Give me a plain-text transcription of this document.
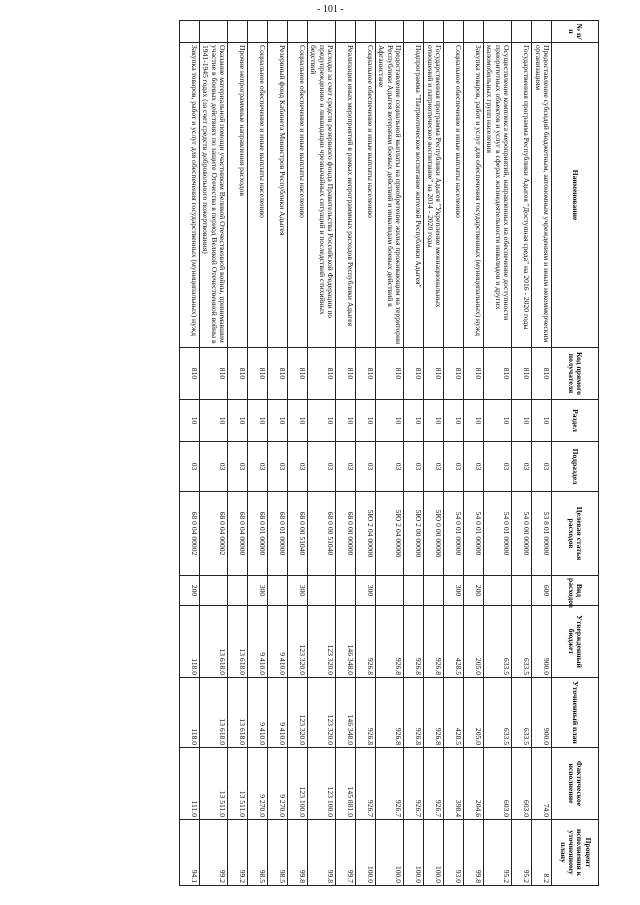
- 101 -
№ п/п	Наименование	Код прямого получателя	Раздел	Подраздел	Целевая статья расходов	Вид расходов	Утвержденный бюджет	Уточненный план	Фактическое исполнение	Процент исполнения к уточненному плану
	Предоставление субсидий бюджетным, автономным учреждениям и иным некоммерческим организациям	810	10	03	53 8 01 00000	600	900.0	900.0	74.0	8.2
	Государственная программа Республики Адыгея "Доступная среда" на 2016 - 2020 годы	810	10	03	54 0 00 00000		633.5	633.5	603.0	95.2
	Осуществление комплекса мероприятий, направленных на обеспечение доступности приоритетных объектов и услуг в сферах жизнедеятельности инвалидов и других маломобильных групп населения	810	10	03	54 0 01 00000		633.5	633.5	603.0	95.2
	Закупка товаров, работ и услуг для обеспечения государственных (муниципальных) нужд	810	10	03	54 0 01 00000	200	205.0	205.0	204.6	99.8
	Социальное обеспечение и иные выплаты населению	810	10	03	54 0 01 00000	300	428.5	428.5	398.4	93.0
	Государственная программа Республики Адыгея "Укрепление межнациональных отношений и патриотическое воспитание" на 2014 - 2020 годы	810	10	03	5Ю 0 00 00000		926.8	926.8	926.7	100.0
	Подпрограмма "Патриотическое воспитание жителей Республики Адыгея"	810	10	03	5Ю 2 00 00000		926.8	926.8	926.7	100.0
	Предоставление социальной выплаты на приобретение жилья проживающим на территории Республики Адыгея ветеранам боевых действий и инвалидам боевых действий в Афганистане	810	10	03	5Ю 2 04 00000		926.8	926.8	926.7	100.0
	Социальное обеспечение и иные выплаты населению	810	10	03	5Ю 2 04 00000	300	926.8	926.8	926.7	100.0
	Реализация иных мероприятий в рамках непрограммных расходов Республики Адыгея	810	10	03	68 0 00 00000		146 348.0	146 348.0	145 881.0	99.7
	Расходы за счет средств резервного фонда Правительства Российской Федерации по предупреждению и ликвидации чрезвычайных ситуаций и последствий стихийных бедствий	810	10	03	68 0 00 51040		123 320.0	123 320.0	123 100.0	99.8
	Социальное обеспечение и иные выплаты населению	810	10	03	68 0 00 51040	300	123 320.0	123 320.0	123 100.0	99.8
	Резервный фонд Кабинета Министров Республики Адыгея	810	10	03	68 0 01 00000		9 410.0	9 410.0	9 270.0	98.5
	Социальное обеспечение и иные выплаты населению	810	10	03	68 0 01 00000	300	9 410.0	9 410.0	9 270.0	98.5
	Прочие непрограммные направления расходов	810	10	03	68 0 04 00000		13 618.0	13 618.0	13 511.0	99.2
	Оказание материальной помощи участникам Великой Отечественной войны, принимавшим участие в боевых действиях по защите Отечества в период Великой Отечественной войны в 1941-1945 годах (за счет средств добровольного пожертвования)	810	10	03	68 0 04 00002		13 618.0	13 618.0	13 511.0	99.2
	Закупка товаров, работ и услуг для обеспечения государственных (муниципальных) нужд	810	10	03	68 0 04 00002	200	118.0	118.0	111.0	94.1
